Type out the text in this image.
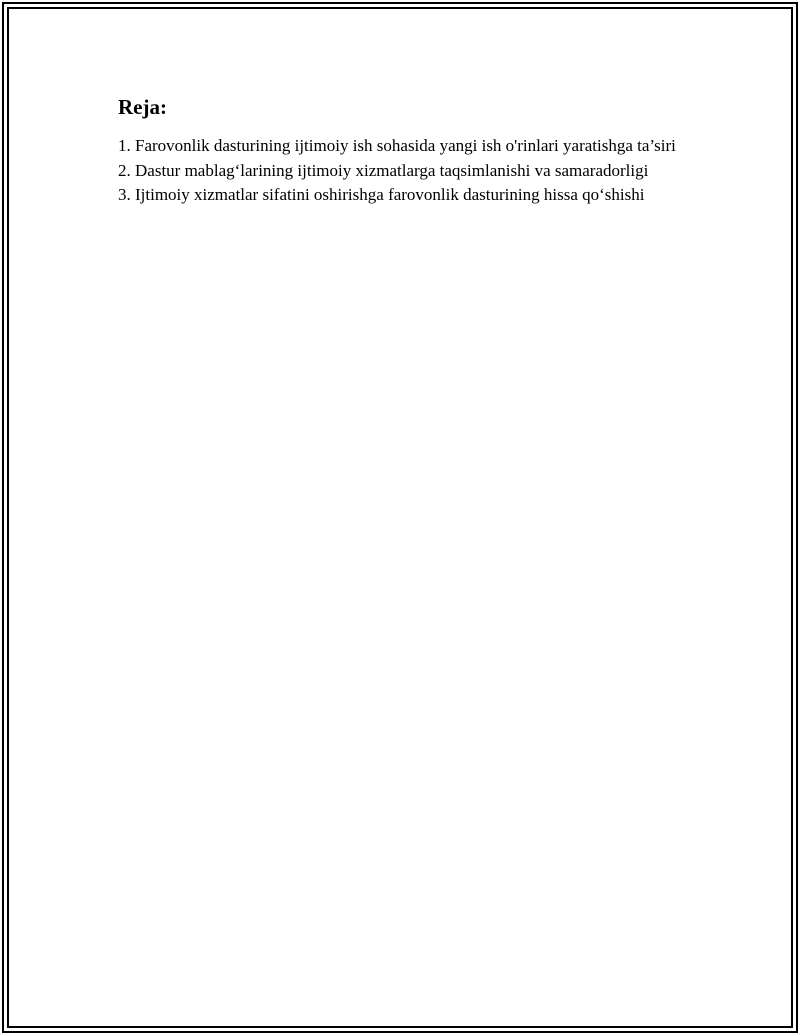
Reja:
1. Farovonlik dasturining ijtimoiy ish sohasida yangi ish o'rinlari yaratishga ta’siri
2. Dastur mablag‘larining ijtimoiy xizmatlarga taqsimlanishi va samaradorligi
3. Ijtimoiy xizmatlar sifatini oshirishga farovonlik dasturining hissa qo‘shishi
